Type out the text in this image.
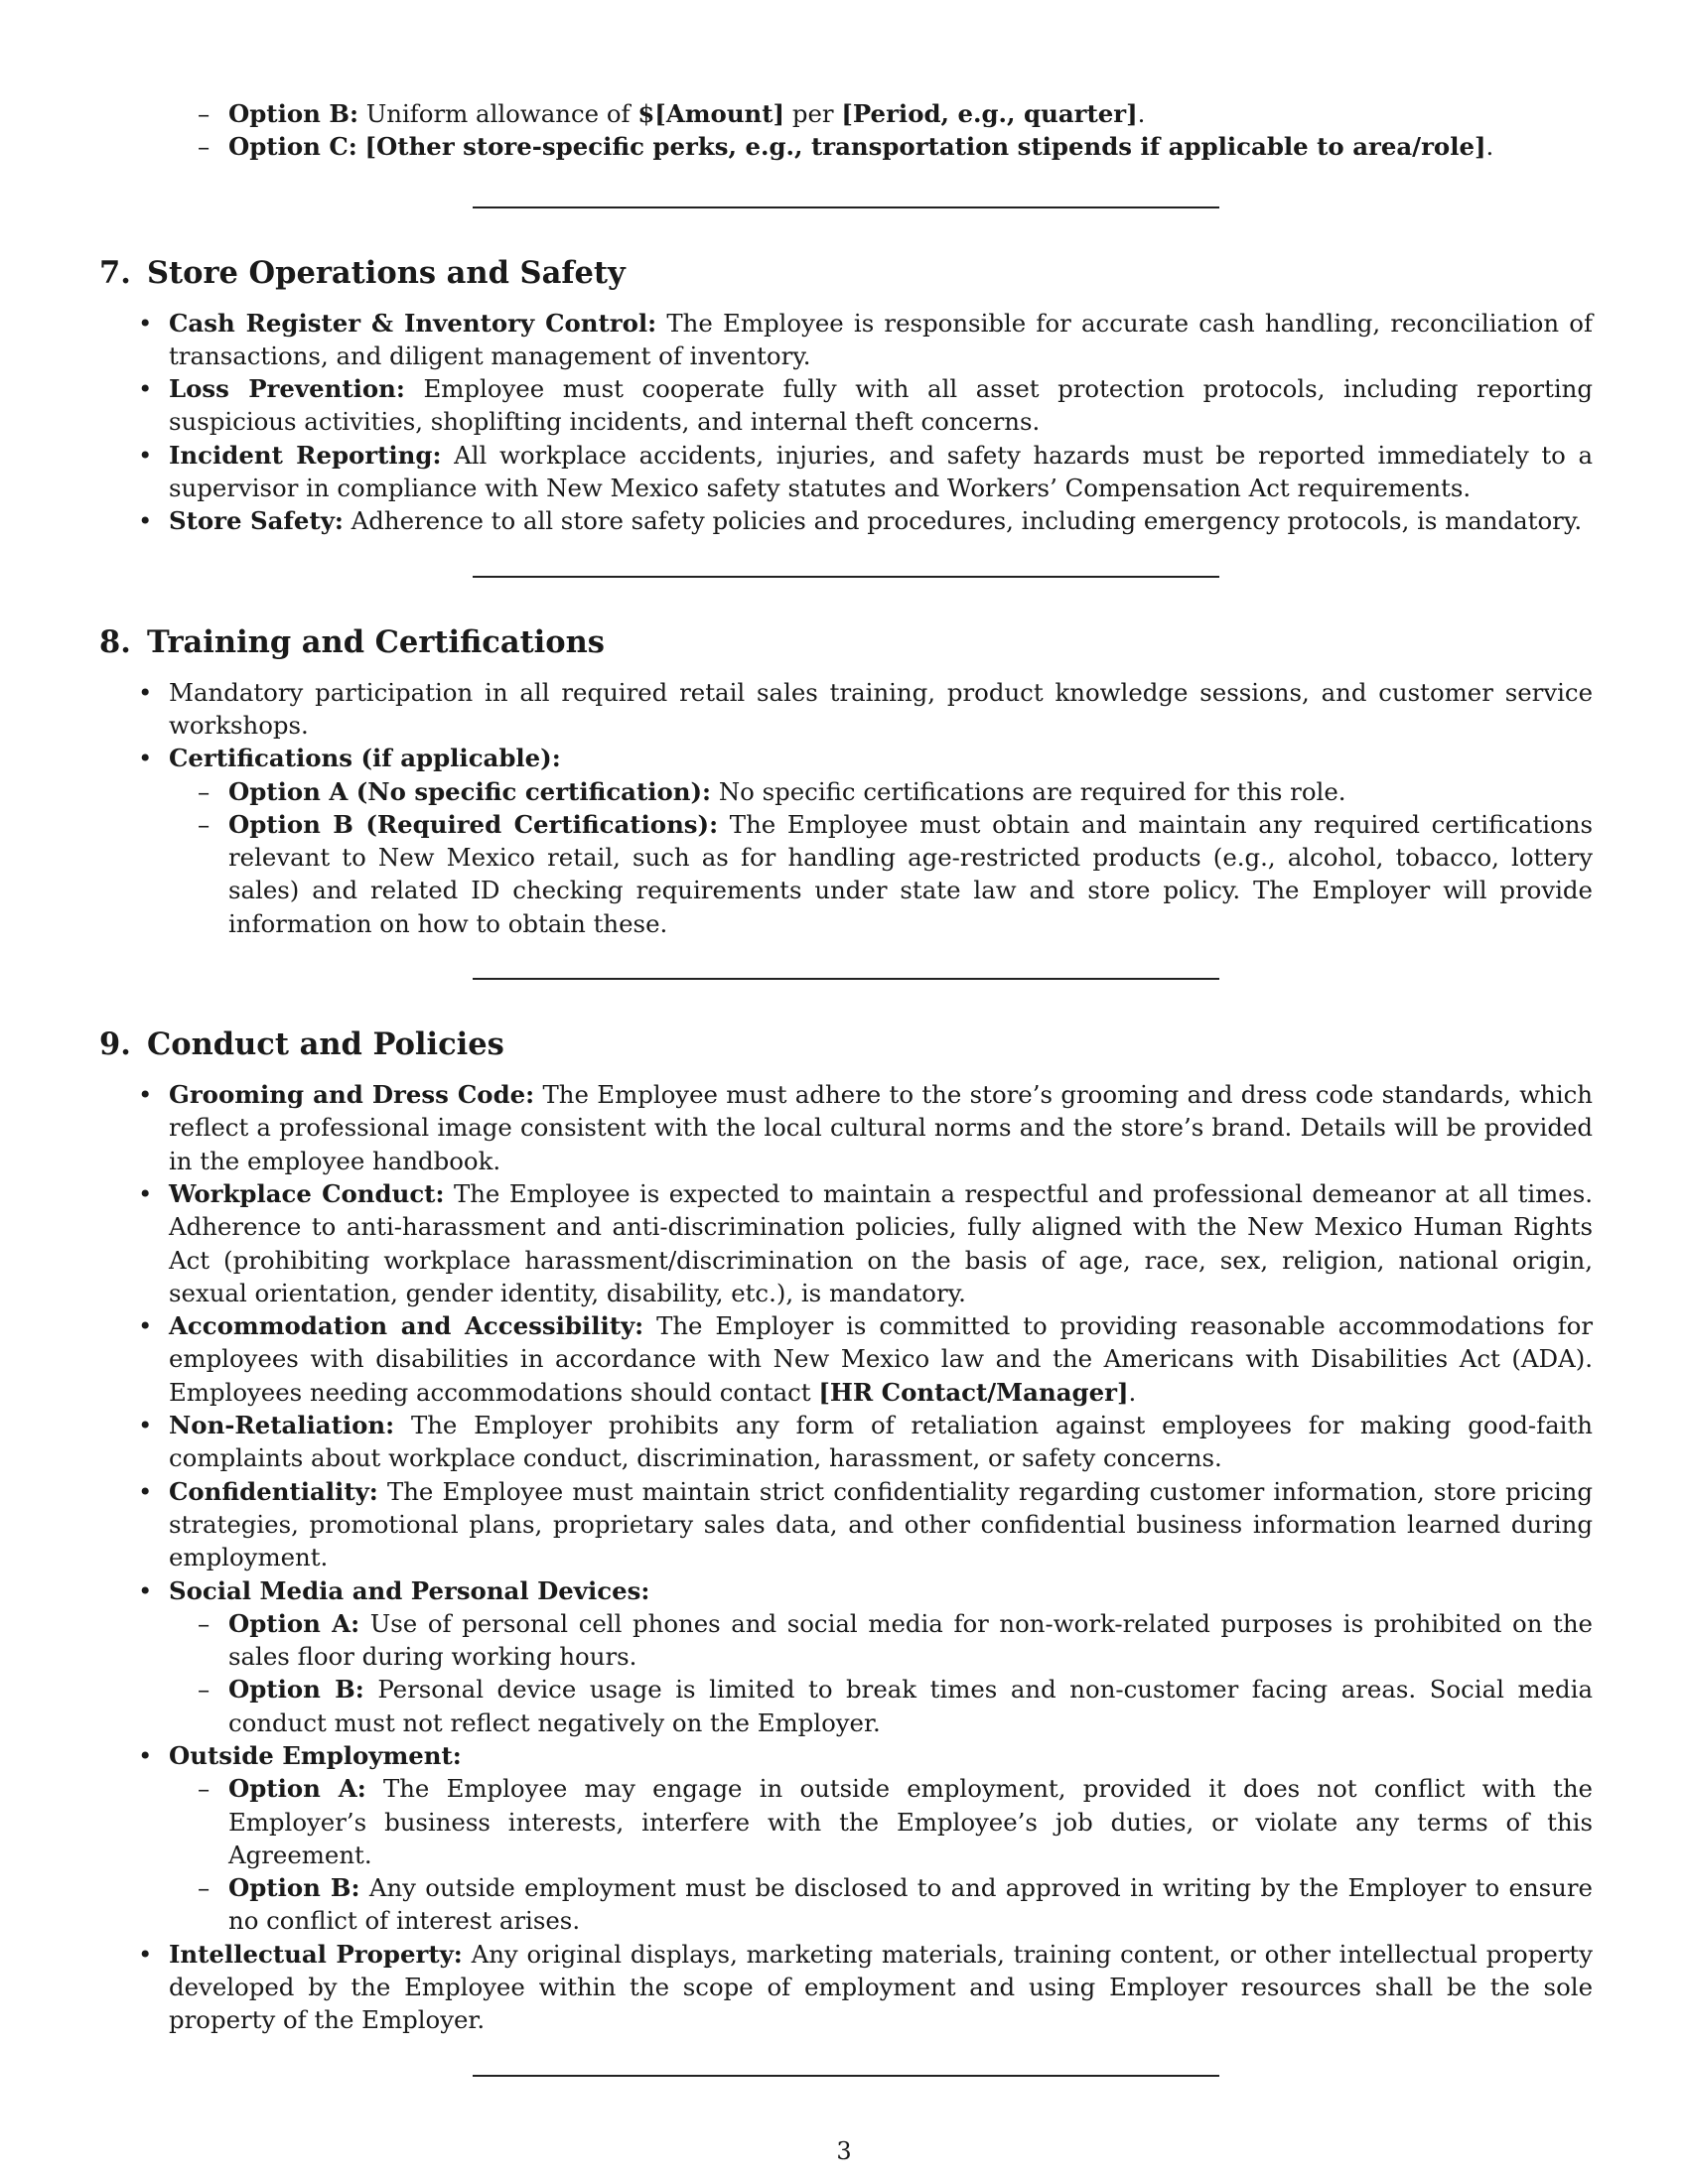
– Option B: Uniform allowance of $[Amount] per [Period, e.g., quarter].
– Option C: [Other store-specific perks, e.g., transportation stipends if applicable to area/role].
7. Store Operations and Safety
• Cash Register & Inventory Control: The Employee is responsible for accurate cash handling, reconciliation of transactions, and diligent management of inventory.
• Loss Prevention: Employee must cooperate fully with all asset protection protocols, including reporting suspicious activities, shoplifting incidents, and internal theft concerns.
• Incident Reporting: All workplace accidents, injuries, and safety hazards must be reported immediately to a supervisor in compliance with New Mexico safety statutes and Workers’ Compensation Act requirements.
• Store Safety: Adherence to all store safety policies and procedures, including emergency protocols, is mandatory.
8. Training and Certifications
• Mandatory participation in all required retail sales training, product knowledge sessions, and customer service workshops.
• Certifications (if applicable):
– Option A (No specific certification): No specific certifications are required for this role.
– Option B (Required Certifications): The Employee must obtain and maintain any required certifications relevant to New Mexico retail, such as for handling age-restricted products (e.g., alcohol, tobacco, lottery sales) and related ID checking requirements under state law and store policy. The Employer will provide information on how to obtain these.
9. Conduct and Policies
• Grooming and Dress Code: The Employee must adhere to the store’s grooming and dress code standards, which reflect a professional image consistent with the local cultural norms and the store’s brand. Details will be provided in the employee handbook.
• Workplace Conduct: The Employee is expected to maintain a respectful and professional demeanor at all times. Adherence to anti-harassment and anti-discrimination policies, fully aligned with the New Mexico Human Rights Act (prohibiting workplace harassment/discrimination on the basis of age, race, sex, religion, national origin, sexual orientation, gender identity, disability, etc.), is mandatory.
• Accommodation and Accessibility: The Employer is committed to providing reasonable accommodations for employees with disabilities in accordance with New Mexico law and the Americans with Disabilities Act (ADA). Employees needing accommodations should contact [HR Contact/Manager].
• Non-Retaliation: The Employer prohibits any form of retaliation against employees for making good-faith complaints about workplace conduct, discrimination, harassment, or safety concerns.
• Confidentiality: The Employee must maintain strict confidentiality regarding customer information, store pricing strategies, promotional plans, proprietary sales data, and other confidential business information learned during employment.
• Social Media and Personal Devices:
– Option A: Use of personal cell phones and social media for non-work-related purposes is prohibited on the sales floor during working hours.
– Option B: Personal device usage is limited to break times and non-customer facing areas. Social media conduct must not reflect negatively on the Employer.
• Outside Employment:
– Option A: The Employee may engage in outside employment, provided it does not conflict with the Employer’s business interests, interfere with the Employee’s job duties, or violate any terms of this Agreement.
– Option B: Any outside employment must be disclosed to and approved in writing by the Employer to ensure no conflict of interest arises.
• Intellectual Property: Any original displays, marketing materials, training content, or other intellectual property developed by the Employee within the scope of employment and using Employer resources shall be the sole property of the Employer.
3
